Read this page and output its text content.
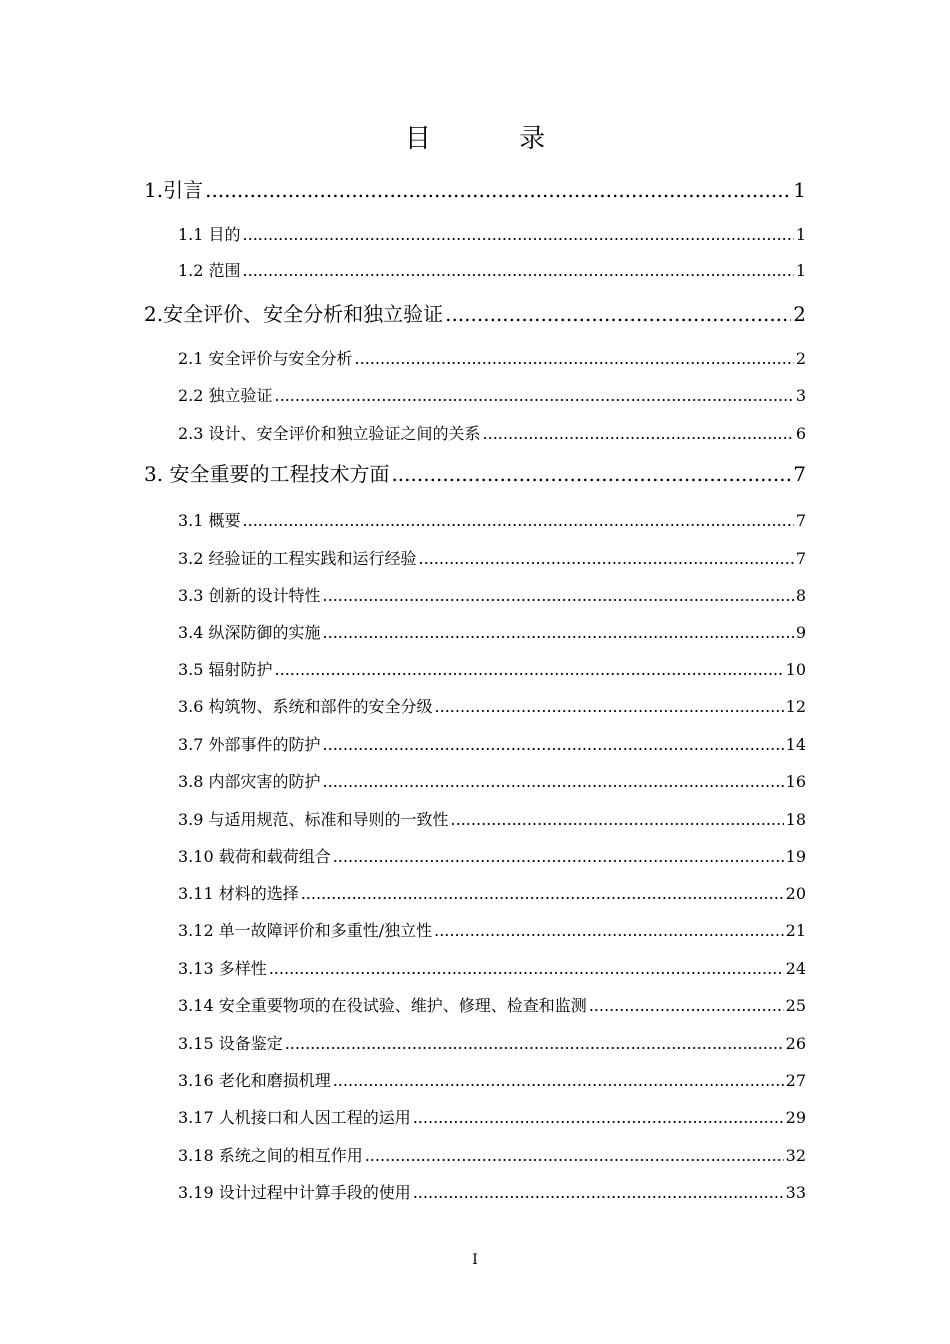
目 录
1.引言 .....	1
1.1 目的 .....	1
1.2 范围 .....	1
2.安全评价、安全分析和独立验证 .....	2
2.1 安全评价与安全分析 .....	2
2.2 独立验证 .....	3
2.3 设计、安全评价和独立验证之间的关系 .....	6
3. 安全重要的工程技术方面 .....	7
3.1 概要 .....	7
3.2 经验证的工程实践和运行经验 .....	7
3.3 创新的设计特性 .....	8
3.4 纵深防御的实施 .....	9
3.5 辐射防护 .....	10
3.6 构筑物、系统和部件的安全分级 .....	12
3.7 外部事件的防护 .....	14
3.8 内部灾害的防护 .....	16
3.9 与适用规范、标准和导则的一致性 .....	18
3.10 载荷和载荷组合 .....	19
3.11 材料的选择 .....	20
3.12 单一故障评价和多重性/独立性 .....	21
3.13 多样性 .....	24
3.14 安全重要物项的在役试验、维护、修理、检查和监测 .....	25
3.15 设备鉴定 .....	26
3.16 老化和磨损机理 .....	27
3.17 人机接口和人因工程的运用 .....	29
3.18 系统之间的相互作用 .....	32
3.19 设计过程中计算手段的使用 .....	33
I
